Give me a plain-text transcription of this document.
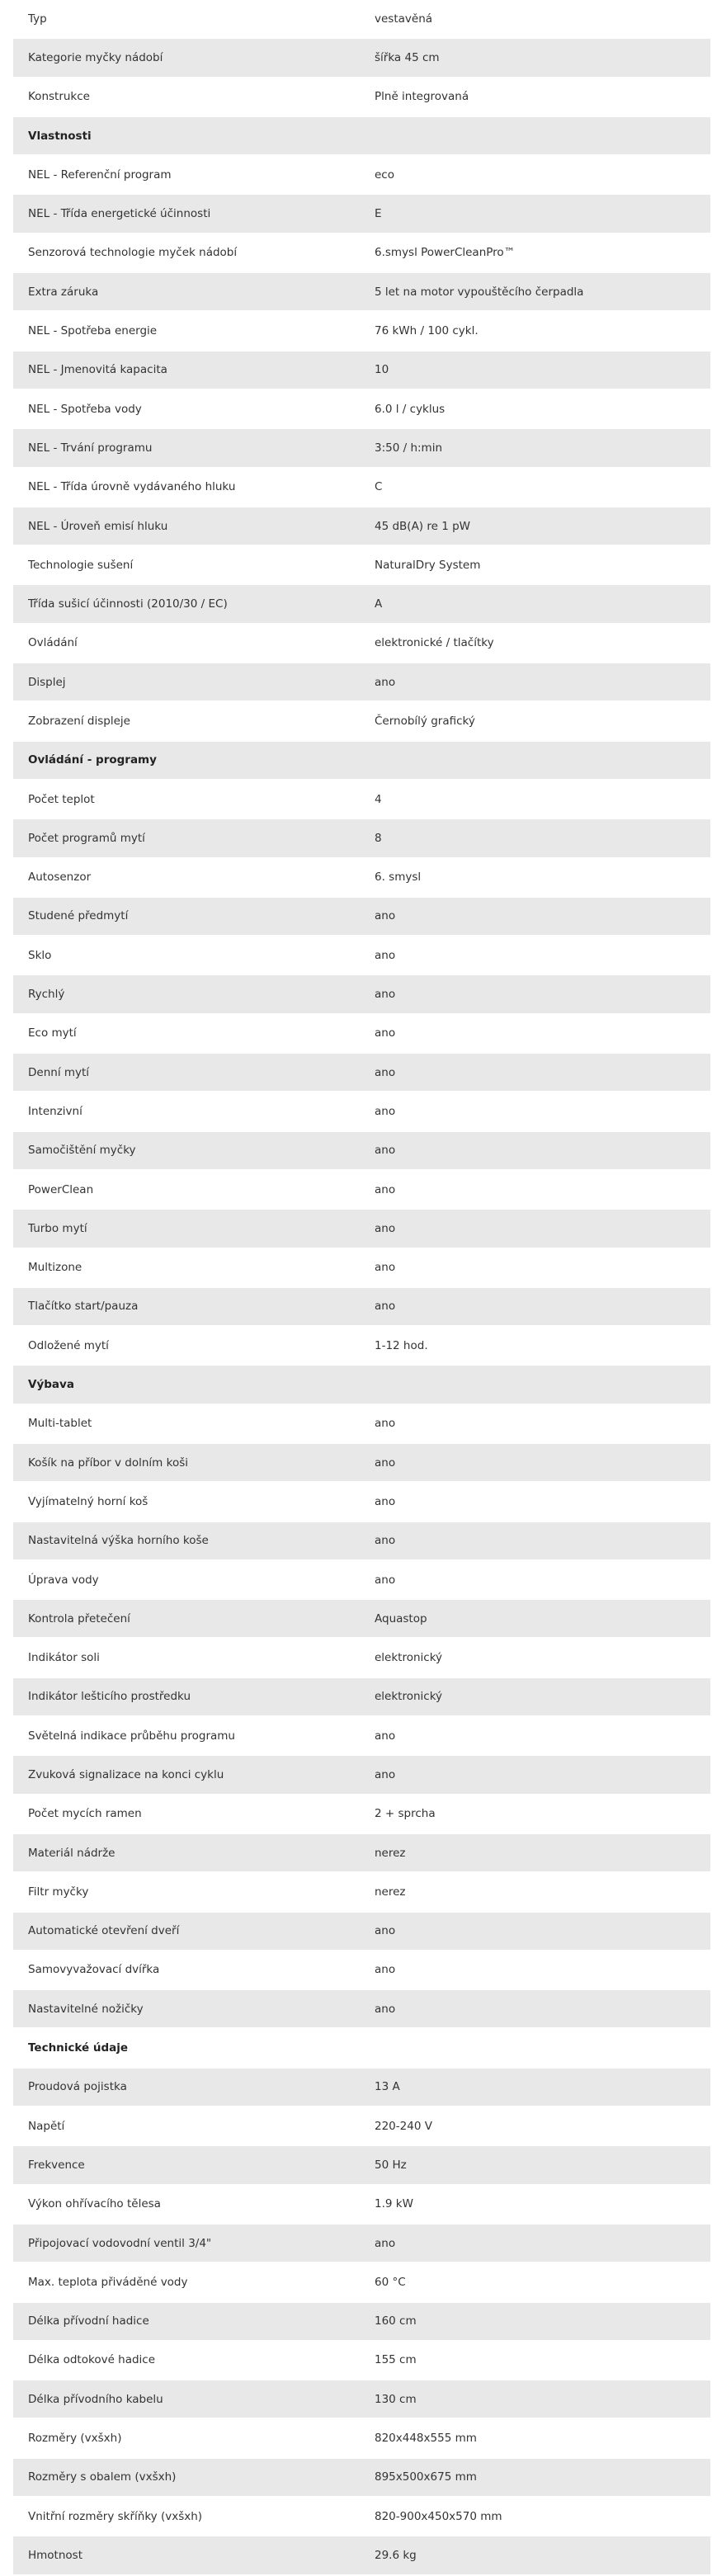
Typ	vestavěná
Kategorie myčky nádobí	šířka 45 cm
Konstrukce	Plně integrovaná
Vlastnosti
NEL - Referenční program	eco
NEL - Třída energetické účinnosti	E
Senzorová technologie myček nádobí	6.smysl PowerCleanPro™
Extra záruka	5 let na motor vypouštěcího čerpadla
NEL - Spotřeba energie	76 kWh / 100 cykl.
NEL - Jmenovitá kapacita	10
NEL - Spotřeba vody	6.0 l / cyklus
NEL - Trvání programu	3:50 / h:min
NEL - Třída úrovně vydávaného hluku	C
NEL - Úroveň emisí hluku	45 dB(A) re 1 pW
Technologie sušení	NaturalDry System
Třída sušicí účinnosti (2010/30 / EC)	A
Ovládání	elektronické / tlačítky
Displej	ano
Zobrazení displeje	Černobílý grafický
Ovládání - programy
Počet teplot	4
Počet programů mytí	8
Autosenzor	6. smysl
Studené předmytí	ano
Sklo	ano
Rychlý	ano
Eco mytí	ano
Denní mytí	ano
Intenzivní	ano
Samočištění myčky	ano
PowerClean	ano
Turbo mytí	ano
Multizone	ano
Tlačítko start/pauza	ano
Odložené mytí	1-12 hod.
Výbava
Multi-tablet	ano
Košík na příbor v dolním koši	ano
Vyjímatelný horní koš	ano
Nastavitelná výška horního koše	ano
Úprava vody	ano
Kontrola přetečení	Aquastop
Indikátor soli	elektronický
Indikátor lešticího prostředku	elektronický
Světelná indikace průběhu programu	ano
Zvuková signalizace na konci cyklu	ano
Počet mycích ramen	2 + sprcha
Materiál nádrže	nerez
Filtr myčky	nerez
Automatické otevření dveří	ano
Samovyvažovací dvířka	ano
Nastavitelné nožičky	ano
Technické údaje
Proudová pojistka	13 A
Napětí	220-240 V
Frekvence	50 Hz
Výkon ohřívacího tělesa	1.9 kW
Připojovací vodovodní ventil 3/4"	ano
Max. teplota přiváděné vody	60 °C
Délka přívodní hadice	160 cm
Délka odtokové hadice	155 cm
Délka přívodního kabelu	130 cm
Rozměry (vxšxh)	820x448x555 mm
Rozměry s obalem (vxšxh)	895x500x675 mm
Vnitřní rozměry skříňky (vxšxh)	820-900x450x570 mm
Hmotnost	29.6 kg
